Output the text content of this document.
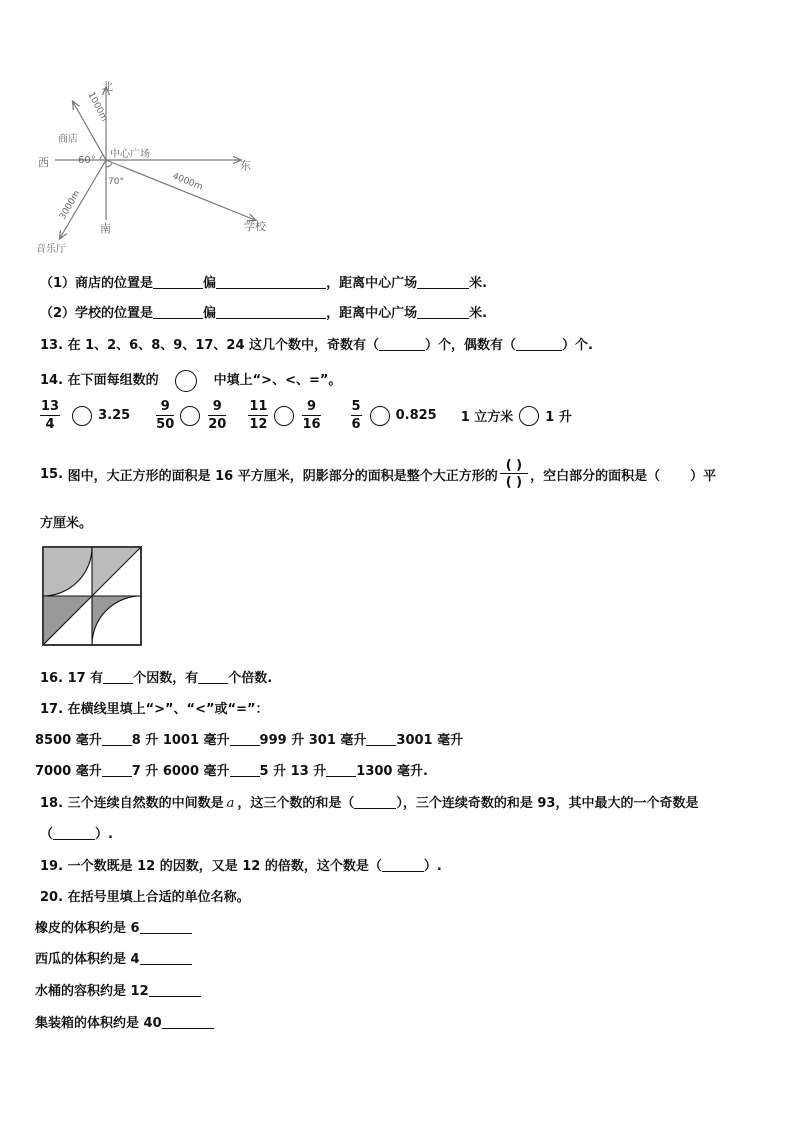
北
南
西	东
中心广场
商店
学校
音乐厅
60°
70°
1000m
4000m
3000m
（1）商店的位置是	偏	，距离中心广场	米.
（2）学校的位置是	偏	，距离中心广场	米.
13. 在 1、2、6、8、9、17、24 这几个数中，奇数有（	）个，偶数有（	）个.
14. 在下面每组数的	中填上“>、<、=”。
$\frac{13}{4}$	$3.25 \frac{9}{50}$	$\frac{9}{20} \frac{11}{12}$	$\frac{9}{16} \frac{5}{6}$	0.825 1 立方米 1 升
15.
图中，大正方形的面积是 16 平方厘米，阴影部分的面积是整个大正方形的 $\frac{( )}{( )}$ ，空白部分的面积是（ ）平
方厘米。
16. 17 有 个因数，有 个倍数.
17. 在横线里填上“>”、“<”或“=”：
8500 毫升 8 升 1001 毫升 999 升 301 毫升 3001 毫升
7000 毫升 7 升 6000 毫升 5 升 13 升 1300 毫升.
18. 三个连续自然数的中间数是 a ，这三个数的和是（	），三个连续奇数的和是 93，其中最大的一个奇数是
（	）.
19. 一个数既是 12 的因数，又是 12 的倍数，这个数是（	）.
20. 在括号里填上合适的单位名称。
橡皮的体积约是 6
西瓜的体积约是 4
水桶的容积约是 12
集装箱的体积约是 40
